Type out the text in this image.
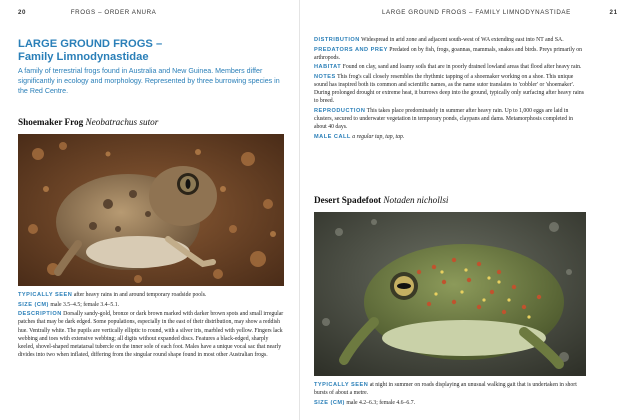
20	FROGS – ORDER ANURA
LARGE GROUND FROGS –
Family Limnodynastidae
A family of terrestrial frogs found in Australia and New Guinea. Members differ significantly in ecology and morphology. Represented by three burrowing species in the Red Centre.
Shoemaker Frog Neobatrachus sutor

TYPICALLY SEEN after heavy rains in and around temporary roadside pools.

SIZE (CM) male 3.5–4.5; female 3.4–5.1.

DESCRIPTION Dorsally sandy-gold, bronze or dark brown marked with darker brown spots and small irregular patches that may be dark edged. Some populations, especially in the east of their distribution, may show a reddish hue. Ventrally white. The pupils are vertically elliptic to round, with a silver iris, marbled with yellow. Fingers lack webbing and toes with extensive webbing; all digits without expanded discs. Features a black-edged, sharply keeled, shovel-shaped metatarsal tubercle on the inner sole of each foot. Males have a unique vocal sac that nearly divides into two when inflated, differing from the singular round shape found in most other Australian frogs.

LARGE GROUND FROGS – FAMILY LIMNODYNASTIDAE	21

DISTRIBUTION Widespread in arid zone and adjacent south-west of WA extending east into NT and SA.

PREDATORS AND PREY Predated on by fish, frogs, goannas, mammals, snakes and birds. Preys primarily on arthropods.

HABITAT Found on clay, sand and loamy soils that are in poorly drained lowland areas that flood after heavy rain.

NOTES This frog's call closely resembles the rhythmic tapping of a shoemaker working on a shoe. This unique sound has inspired both its common and scientific names, as the name sutor translates to 'cobbler' or 'shoemaker'. During prolonged drought or extreme heat, it burrows deep into the ground, typically only surfacing after heavy rains to breed.

REPRODUCTION This takes place predominately in summer after heavy rain. Up to 1,000 eggs are laid in clusters, secured to underwater vegetation in temporary ponds, claypans and dams. Metamorphosis completed in about 40 days.

MALE CALL a regular tap, tap, tap.

Desert Spadefoot Notaden nichollsi

TYPICALLY SEEN at night in summer on roads displaying an unusual walking gait that is undertaken in short bursts of about a metre.

SIZE (CM) male 4.2–6.3; female 4.6–6.7.
